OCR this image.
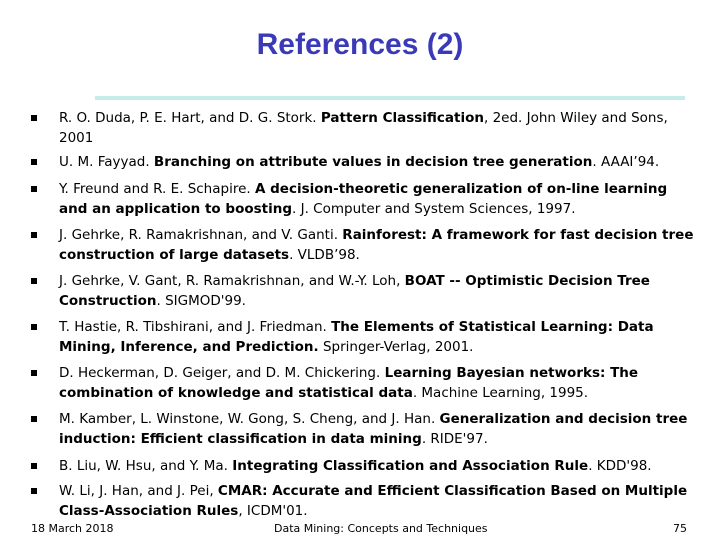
References (2)
R. O. Duda, P. E. Hart, and D. G. Stork. Pattern Classification, 2ed. John Wiley and Sons, 2001
U. M. Fayyad. Branching on attribute values in decision tree generation. AAAI’94.
Y. Freund and R. E. Schapire. A decision-theoretic generalization of on-line learning and an application to boosting. J. Computer and System Sciences, 1997.
J. Gehrke, R. Ramakrishnan, and V. Ganti. Rainforest: A framework for fast decision tree construction of large datasets. VLDB’98.
J. Gehrke, V. Gant, R. Ramakrishnan, and W.-Y. Loh, BOAT -- Optimistic Decision Tree Construction. SIGMOD'99.
T. Hastie, R. Tibshirani, and J. Friedman. The Elements of Statistical Learning: Data Mining, Inference, and Prediction. Springer-Verlag, 2001.
D. Heckerman, D. Geiger, and D. M. Chickering. Learning Bayesian networks: The combination of knowledge and statistical data. Machine Learning, 1995.
M. Kamber, L. Winstone, W. Gong, S. Cheng, and J. Han. Generalization and decision tree induction: Efficient classification in data mining. RIDE'97.
B. Liu, W. Hsu, and Y. Ma. Integrating Classification and Association Rule. KDD'98.
W. Li, J. Han, and J. Pei, CMAR: Accurate and Efficient Classification Based on Multiple Class-Association Rules, ICDM'01.
18 March 2018	Data Mining: Concepts and Techniques	75
